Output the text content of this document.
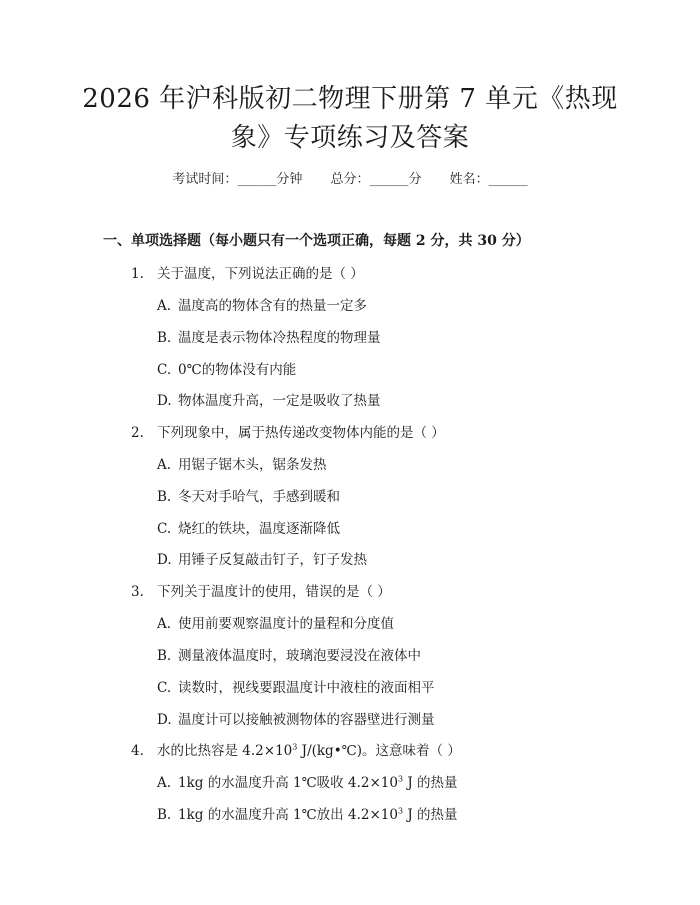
2026 年沪科版初二物理下册第 7 单元《热现
象》专项练习及答案
考试时间：______分钟 总分：______分 姓名：______
一、单项选择题（每小题只有一个选项正确，每题 2 分，共 30 分）
1. 关于温度，下列说法正确的是（ ）
A. 温度高的物体含有的热量一定多
B. 温度是表示物体冷热程度的物理量
C. 0℃的物体没有内能
D. 物体温度升高，一定是吸收了热量
2. 下列现象中，属于热传递改变物体内能的是（ ）
A. 用锯子锯木头，锯条发热
B. 冬天对手哈气，手感到暖和
C. 烧红的铁块，温度逐渐降低
D. 用锤子反复敲击钉子，钉子发热
3. 下列关于温度计的使用，错误的是（ ）
A. 使用前要观察温度计的量程和分度值
B. 测量液体温度时，玻璃泡要浸没在液体中
C. 读数时，视线要跟温度计中液柱的液面相平
D. 温度计可以接触被测物体的容器壁进行测量
4. 水的比热容是 $4.2\times 10^3$ J/(kg•℃)。这意味着（ ）
A. 1kg 的水温度升高 1℃吸收 $4.2\times 10^3$ J 的热量
B. 1kg 的水温度升高 1℃放出 $4.2\times 10^3$ J 的热量
